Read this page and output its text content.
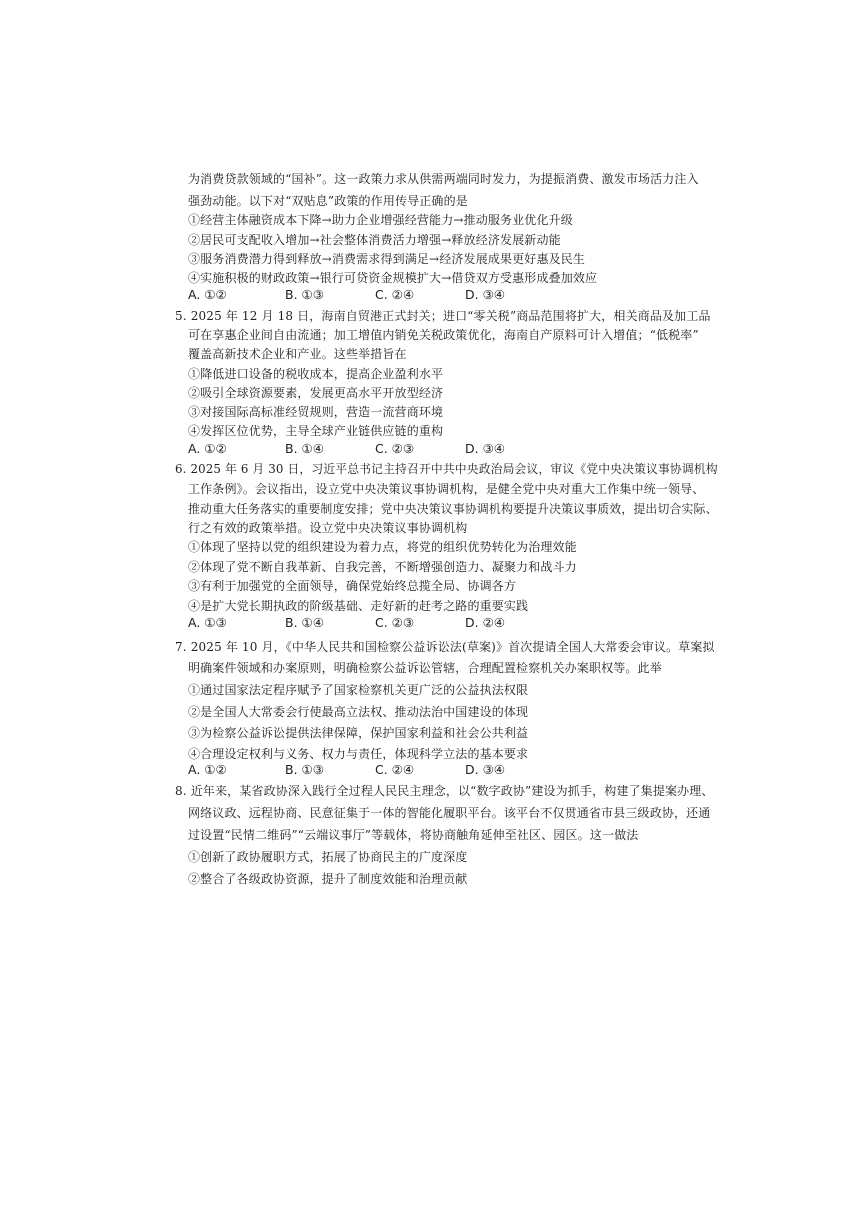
为消费贷款领域的“国补”。这一政策力求从供需两端同时发力，为提振消费、激发市场活力注入
强劲动能。以下对“双贴息”政策的作用传导正确的是
①经营主体融资成本下降→助力企业增强经营能力→推动服务业优化升级
②居民可支配收入增加→社会整体消费活力增强→释放经济发展新动能
③服务消费潜力得到释放→消费需求得到满足→经济发展成果更好惠及民生
④实施积极的财政政策→银行可贷资金规模扩大→借贷双方受惠形成叠加效应
A. ①②	B. ①③	C. ②④	D. ③④
5. 2025 年 12 月 18 日，海南自贸港正式封关；进口“零关税”商品范围将扩大，相关商品及加工品
可在享惠企业间自由流通；加工增值内销免关税政策优化，海南自产原料可计入增值；“低税率”
覆盖高新技术企业和产业。这些举措旨在
①降低进口设备的税收成本，提高企业盈利水平
②吸引全球资源要素，发展更高水平开放型经济
③对接国际高标准经贸规则，营造一流营商环境
④发挥区位优势，主导全球产业链供应链的重构
A. ①②	B. ①④	C. ②③	D. ③④
6. 2025 年 6 月 30 日，习近平总书记主持召开中共中央政治局会议，审议《党中央决策议事协调机构
工作条例》。会议指出，设立党中央决策议事协调机构，是健全党中央对重大工作集中统一领导、
推动重大任务落实的重要制度安排；党中央决策议事协调机构要提升决策议事质效，提出切合实际、
行之有效的政策举措。设立党中央决策议事协调机构
①体现了坚持以党的组织建设为着力点，将党的组织优势转化为治理效能
②体现了党不断自我革新、自我完善，不断增强创造力、凝聚力和战斗力
③有利于加强党的全面领导，确保党始终总揽全局、协调各方
④是扩大党长期执政的阶级基础、走好新的赶考之路的重要实践
A. ①③	B. ①④	C. ②③	D. ②④
7. 2025 年 10 月，《中华人民共和国检察公益诉讼法(草案)》首次提请全国人大常委会审议。草案拟
明确案件领域和办案原则，明确检察公益诉讼管辖，合理配置检察机关办案职权等。此举
①通过国家法定程序赋予了国家检察机关更广泛的公益执法权限
②是全国人大常委会行使最高立法权、推动法治中国建设的体现
③为检察公益诉讼提供法律保障，保护国家利益和社会公共利益
④合理设定权利与义务、权力与责任，体现科学立法的基本要求
A. ①②	B. ①③	C. ②④	D. ③④
8. 近年来，某省政协深入践行全过程人民民主理念，以“数字政协”建设为抓手，构建了集提案办理、
网络议政、远程协商、民意征集于一体的智能化履职平台。该平台不仅贯通省市县三级政协，还通
过设置“民情二维码”“云端议事厅”等载体，将协商触角延伸至社区、园区。这一做法
①创新了政协履职方式，拓展了协商民主的广度深度
②整合了各级政协资源，提升了制度效能和治理贡献
